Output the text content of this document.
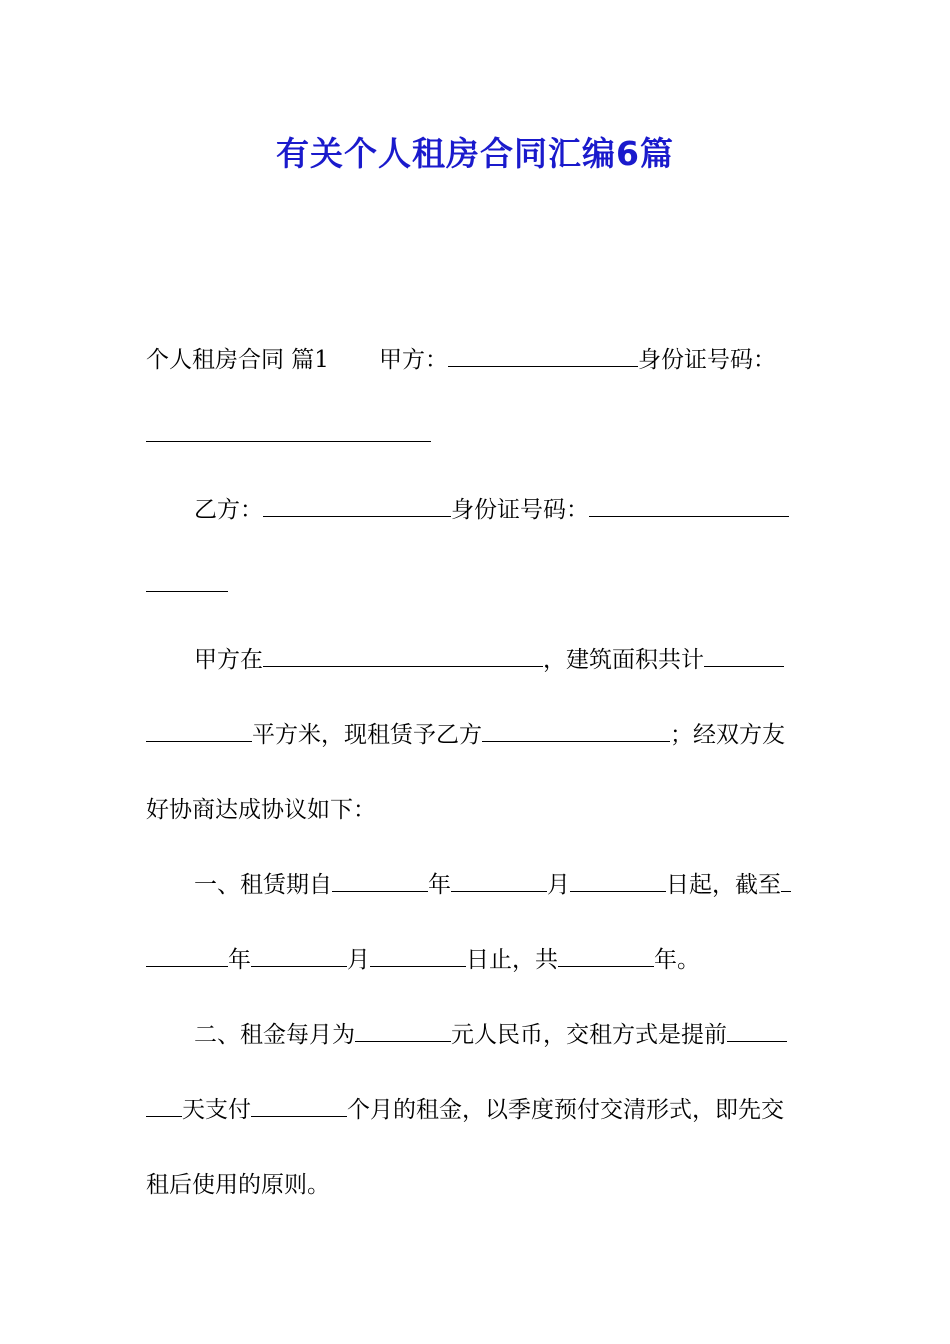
有关个人租房合同汇编6篇
个人租房合同 篇1 甲方：	身份证号码：
乙方：	身份证号码：
甲方在	，建筑面积共计
平方米，现租赁予乙方	；经双方友
好协商达成协议如下：
一、租赁期自	年	月	日起，截至
年	月	日止，共	年。
二、租金每月为	元人民币，交租方式是提前
天支付	个月的租金，以季度预付交清形式，即先交
租后使用的原则。
